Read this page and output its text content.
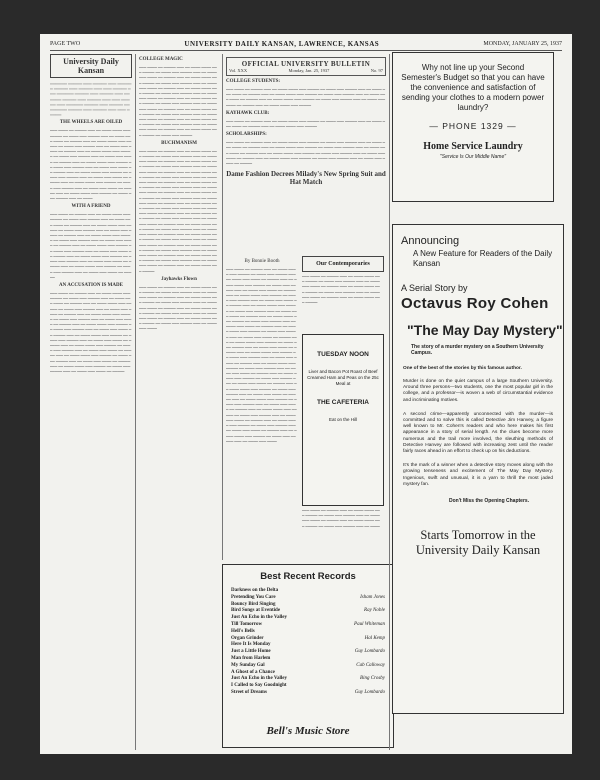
PAGE TWO	UNIVERSITY DAILY KANSAN, LAWRENCE, KANSAS	MONDAY, JANUARY 25, 1937
University Daily Kansan
══════ ═════ ═══ ═════ ═══ ══════ ═════ ═══ ═════ ═══ ═══ ═════ ═══ ══════ ═════ ═══ ═════ ═══ ══════ ═════ ═══ ═════ ═══ ═══ ═════ ═══ ══════ ═════ ═══ ═════ ══ ══════ ═════ ═══ ═════ ═══ ═══ ═════
THE WHEELS ARE OILED
━━━ ━━━━ ━━ ━━━━━ ━━━ ━━ ━━━━ ━━━━ ━━━ ━━━━━ ━━ ━━━━ ━━━ ━━━━━ ━━━ ━━ ━━━━ ━━━ ━━━━ ━━ ━━━━━ ━━━ ━━ ━━━━ ━━━━ ━━━ ━━━━━ ━━ ━━━━ ━━━ ━━━━━ ━━━ ━━ ━━━━ ━━━ ━━━━ ━━ ━━━━━ ━━━ ━━ ━━━━ ━━━━ ━━━ ━━━━━ ━━ ━━━━ ━━━ ━━━━━ ━━━ ━━ ━━━━ ━━━ ━━━━ ━━ ━━━━━ ━━━ ━━ ━━━━ ━━━━ ━━━ ━━━━━ ━━ ━━━━ ━━━ ━━━━━ ━━━ ━━ ━━━━ ━━━ ━━━━ ━━ ━━━━━ ━━━ ━━ ━━━━ ━━━━ ━━━ ━━━━━ ━━ ━━━━ ━━━ ━━━━━ ━━━ ━━ ━━━━ ━━━ ━━━━ ━━ ━━━━━ ━━━ ━━ ━━━━ ━━━━ ━━━ ━━━━━ ━━ ━━━━ ━━━ ━━━━━ ━━━ ━━ ━━━━ ━━━ ━━━━ ━━ ━━━━━ ━━━ ━━ ━━━━ ━━━━ ━━━ ━━━━━ ━━ ━━━━ ━━━ ━━━━━ ━━━ ━━ ━━━━
WITH A FRIEND
━━━ ━━━━ ━━ ━━━━━ ━━━ ━━ ━━━━ ━━━━ ━━━ ━━━━━ ━━ ━━━━ ━━━ ━━━━━ ━━━ ━━ ━━━━ ━━━ ━━━━ ━━ ━━━━━ ━━━ ━━ ━━━━ ━━━━ ━━━ ━━━━━ ━━ ━━━━ ━━━ ━━━━━ ━━━ ━━ ━━━━ ━━━ ━━━━ ━━ ━━━━━ ━━━ ━━ ━━━━ ━━━━ ━━━ ━━━━━ ━━ ━━━━ ━━━ ━━━━━ ━━━ ━━ ━━━━ ━━━ ━━━━ ━━ ━━━━━ ━━━ ━━ ━━━━ ━━━━ ━━━ ━━━━━ ━━ ━━━━ ━━━ ━━━━━ ━━━ ━━ ━━━━ ━━━ ━━━━ ━━ ━━━━━ ━━━ ━━ ━━━━ ━━━━ ━━━ ━━━━━ ━━ ━━━━ ━━━ ━━━━━ ━━━ ━━ ━━━━ ━━━ ━━━━ ━━ ━━━━━ ━━━ ━━ ━━━━ ━━━━ ━━━ ━━━━━ ━━ ━━━━ ━━━ ━━━━━ ━━━ ━━ ━━━━ ━━━ ━━━━ ━━ ━━━━━
AN ACCUSATION IS MADE
━━━ ━━━━ ━━ ━━━━━ ━━━ ━━ ━━━━ ━━━━ ━━━ ━━━━━ ━━ ━━━━ ━━━ ━━━━━ ━━━ ━━ ━━━━ ━━━ ━━━━ ━━ ━━━━━ ━━━ ━━ ━━━━ ━━━━ ━━━ ━━━━━ ━━ ━━━━ ━━━ ━━━━━ ━━━ ━━ ━━━━ ━━━ ━━━━ ━━ ━━━━━ ━━━ ━━ ━━━━ ━━━━ ━━━ ━━━━━ ━━ ━━━━ ━━━ ━━━━━ ━━━ ━━ ━━━━ ━━━ ━━━━ ━━ ━━━━━ ━━━ ━━ ━━━━ ━━━━ ━━━ ━━━━━ ━━ ━━━━ ━━━ ━━━━━ ━━━ ━━ ━━━━ ━━━ ━━━━ ━━ ━━━━━ ━━━ ━━ ━━━━ ━━━━ ━━━ ━━━━━ ━━ ━━━━ ━━━ ━━━━━ ━━━ ━━ ━━━━ ━━━ ━━━━ ━━ ━━━━━ ━━━ ━━ ━━━━ ━━━━ ━━━ ━━━━━ ━━ ━━━━ ━━━ ━━━━━ ━━━ ━━ ━━━━ ━━━ ━━━━ ━━ ━━━━━ ━━━ ━━ ━━━━ ━━━━ ━━━ ━━━━━ ━━ ━━━━ ━━━ ━━━━━ ━━━ ━━ ━━━━ ━━━ ━━━━ ━━ ━━━━━ ━━━ ━━ ━━━━ ━━━━ ━━━ ━━━━━ ━━ ━━━━ ━━━ ━━━━━ ━━━ ━━ ━━━━ ━━━ ━━━━ ━━ ━━━━━
COLLEGE MAGIC
━━━ ━━━━ ━━ ━━━━━ ━━━ ━━ ━━━━ ━━━━ ━━━ ━━━━━ ━━ ━━━━ ━━━ ━━━━━ ━━━ ━━ ━━━━ ━━━ ━━━━ ━━ ━━━━━ ━━━ ━━ ━━━━ ━━━━ ━━━ ━━━━━ ━━ ━━━━ ━━━ ━━━━━ ━━━ ━━ ━━━━ ━━━ ━━━━ ━━ ━━━━━ ━━━ ━━ ━━━━ ━━━━ ━━━ ━━━━━ ━━ ━━━━ ━━━ ━━━━━ ━━━ ━━ ━━━━ ━━━ ━━━━ ━━ ━━━━━ ━━━ ━━ ━━━━ ━━━━ ━━━ ━━━━━ ━━ ━━━━ ━━━ ━━━━━ ━━━ ━━ ━━━━ ━━━ ━━━━ ━━ ━━━━━ ━━━ ━━ ━━━━ ━━━━ ━━━ ━━━━━ ━━ ━━━━ ━━━ ━━━━━ ━━━ ━━ ━━━━ ━━━ ━━━━ ━━ ━━━━━ ━━━ ━━ ━━━━ ━━━━ ━━━ ━━━━━ ━━ ━━━━ ━━━ ━━━━━ ━━━ ━━ ━━━━ ━━━ ━━━━ ━━ ━━━━━ ━━━ ━━ ━━━━ ━━━━ ━━━ ━━━━━ ━━ ━━━━ ━━━ ━━━━━
BUCHMANISM
━━━ ━━━━ ━━ ━━━━━ ━━━ ━━ ━━━━ ━━━━ ━━━ ━━━━━ ━━ ━━━━ ━━━ ━━━━━ ━━━ ━━ ━━━━ ━━━ ━━━━ ━━ ━━━━━ ━━━ ━━ ━━━━ ━━━━ ━━━ ━━━━━ ━━ ━━━━ ━━━ ━━━━━ ━━━ ━━ ━━━━ ━━━ ━━━━ ━━ ━━━━━ ━━━ ━━ ━━━━ ━━━━ ━━━ ━━━━━ ━━ ━━━━ ━━━ ━━━━━ ━━━ ━━ ━━━━ ━━━ ━━━━ ━━ ━━━━━ ━━━ ━━ ━━━━ ━━━━ ━━━ ━━━━━ ━━ ━━━━ ━━━ ━━━━━ ━━━ ━━ ━━━━ ━━━ ━━━━ ━━ ━━━━━ ━━━ ━━ ━━━━ ━━━━ ━━━ ━━━━━ ━━ ━━━━ ━━━ ━━━━━ ━━━ ━━ ━━━━ ━━━ ━━━━ ━━ ━━━━━ ━━━ ━━ ━━━━ ━━━━ ━━━ ━━━━━ ━━ ━━━━ ━━━ ━━━━━ ━━━ ━━ ━━━━ ━━━ ━━━━ ━━ ━━━━━ ━━━ ━━ ━━━━ ━━━━ ━━━ ━━━━━ ━━ ━━━━ ━━━ ━━━━━ ━━━ ━━ ━━━━ ━━━ ━━━━ ━━ ━━━━━ ━━━ ━━ ━━━━ ━━━━ ━━━ ━━━━━ ━━ ━━━━ ━━━ ━━━━━ ━━━ ━━ ━━━━ ━━━ ━━━━ ━━ ━━━━━ ━━━ ━━ ━━━━ ━━━━ ━━━ ━━━━━ ━━ ━━━━ ━━━ ━━━━━ ━━━ ━━ ━━━━ ━━━ ━━━━ ━━ ━━━━━ ━━━ ━━ ━━━━ ━━━━ ━━━ ━━━━━ ━━ ━━━━ ━━━ ━━━━━ ━━━ ━━ ━━━━ ━━━ ━━━━ ━━ ━━━━━ ━━━ ━━ ━━━━ ━━━━ ━━━ ━━━━━ ━━ ━━━━ ━━━ ━━━━━ ━━━ ━━ ━━━━ ━━━ ━━━━ ━━ ━━━━━ ━━━ ━━ ━━━━ ━━━━ ━━━ ━━━━━
Jayhawks Flown
━━━ ━━━━ ━━ ━━━━━ ━━━ ━━ ━━━━ ━━━━ ━━━ ━━━━━ ━━ ━━━━ ━━━ ━━━━━ ━━━ ━━ ━━━━ ━━━ ━━━━ ━━ ━━━━━ ━━━ ━━ ━━━━ ━━━━ ━━━ ━━━━━ ━━ ━━━━ ━━━ ━━━━━ ━━━ ━━ ━━━━ ━━━ ━━━━ ━━ ━━━━━ ━━━ ━━ ━━━━ ━━━━ ━━━ ━━━━━ ━━ ━━━━ ━━━ ━━━━━ ━━━ ━━ ━━━━ ━━━ ━━━━ ━━ ━━━━━ ━━━ ━━ ━━━━ ━━━━ ━━━ ━━━━━ ━━ ━━━━ ━━━ ━━━━━ ━━━ ━━ ━━━━ ━━━ ━━━━
OFFICIAL UNIVERSITY BULLETIN
Vol. XXX	Monday, Jan. 25, 1937	No. 97
COLLEGE STUDENTS:
━━━ ━━━━ ━━ ━━━━━ ━━━ ━━ ━━━━ ━━━━ ━━━ ━━━━━ ━━ ━━━━ ━━━ ━━━━━ ━━━ ━━ ━━━━ ━━━ ━━━━ ━━ ━━━━━ ━━━ ━━ ━━━━ ━━━━ ━━━ ━━━━━ ━━ ━━━━ ━━━ ━━━━━ ━━━ ━━ ━━━━ ━━━ ━━━━ ━━ ━━━━━ ━━━ ━━ ━━━━ ━━━━ ━━━ ━━━━━ ━━ ━━━━ ━━━ ━━━━━ ━━━ ━━ ━━━━ ━━━ ━━━━ ━━ ━━━━━ ━━━ ━━ ━━━━ ━━━━ ━━━ ━━━━━
KAYHAWK CLUB:
━━━ ━━━━ ━━ ━━━━━ ━━━ ━━ ━━━━ ━━━━ ━━━ ━━━━━ ━━ ━━━━ ━━━ ━━━━━ ━━━ ━━ ━━━━ ━━━ ━━━━ ━━ ━━━━━ ━━━ ━━ ━━━━ ━━━━ ━━━ ━━━━━
SCHOLARSHIPS:
━━━ ━━━━ ━━ ━━━━━ ━━━ ━━ ━━━━ ━━━━ ━━━ ━━━━━ ━━ ━━━━ ━━━ ━━━━━ ━━━ ━━ ━━━━ ━━━ ━━━━ ━━ ━━━━━ ━━━ ━━ ━━━━ ━━━━ ━━━ ━━━━━ ━━ ━━━━ ━━━ ━━━━━ ━━━ ━━ ━━━━ ━━━ ━━━━ ━━ ━━━━━ ━━━ ━━ ━━━━ ━━━━ ━━━ ━━━━━ ━━ ━━━━ ━━━ ━━━━━ ━━━ ━━ ━━━━ ━━━ ━━━━ ━━ ━━━━━ ━━━ ━━ ━━━━ ━━━━ ━━━ ━━━━━ ━━ ━━━━ ━━━ ━━━━━ ━━━ ━━ ━━━━ ━━━ ━━━━ ━━ ━━━━━
Dame Fashion Decrees Milady's New Spring Suit and Hat Match
By Bonnie Booth
━━━ ━━━━ ━━ ━━━━━ ━━━ ━━ ━━━━ ━━━━ ━━━ ━━━━━ ━━ ━━━━ ━━━ ━━━━━ ━━━ ━━ ━━━━ ━━━ ━━━━ ━━ ━━━━━ ━━━ ━━ ━━━━ ━━━━ ━━━ ━━━━━ ━━ ━━━━ ━━━ ━━━━━ ━━━ ━━ ━━━━ ━━━ ━━━━ ━━ ━━━━━ ━━━ ━━ ━━━━ ━━━━ ━━━ ━━━━━ ━━ ━━━━ ━━━ ━━━━━ ━━━ ━━ ━━━━ ━━━ ━━━━ ━━ ━━━━━ ━━━ ━━ ━━━━ ━━━━ ━━━ ━━━━━ ━━ ━━━━ ━━━ ━━━━━ ━━━ ━━ ━━━━ ━━━ ━━━━ ━━ ━━━━━ ━━━ ━━ ━━━━ ━━━━ ━━━ ━━━━━ ━━ ━━━━ ━━━ ━━━━━ ━━━ ━━ ━━━━ ━━━ ━━━━ ━━ ━━━━━ ━━━ ━━ ━━━━ ━━━━ ━━━ ━━━━━ ━━ ━━━━ ━━━ ━━━━━ ━━━ ━━ ━━━━ ━━━ ━━━━ ━━ ━━━━━ ━━━ ━━ ━━━━ ━━━━ ━━━ ━━━━━ ━━ ━━━━ ━━━ ━━━━━ ━━━ ━━ ━━━━ ━━━ ━━━━ ━━ ━━━━━ ━━━ ━━ ━━━━ ━━━━ ━━━ ━━━━━ ━━ ━━━━ ━━━ ━━━━━ ━━━ ━━ ━━━━ ━━━ ━━━━ ━━ ━━━━━ ━━━ ━━ ━━━━ ━━━━ ━━━ ━━━━━ ━━ ━━━━ ━━━ ━━━━━ ━━━ ━━ ━━━━ ━━━ ━━━━ ━━ ━━━━━ ━━━ ━━ ━━━━ ━━━━ ━━━ ━━━━━ ━━ ━━━━ ━━━ ━━━━━ ━━━ ━━ ━━━━ ━━━ ━━━━ ━━ ━━━━━ ━━━ ━━ ━━━━ ━━━━ ━━━ ━━━━━ ━━ ━━━━ ━━━ ━━━━━ ━━━ ━━ ━━━━ ━━━ ━━━━ ━━ ━━━━━ ━━━ ━━ ━━━━ ━━━━ ━━━ ━━━━━ ━━ ━━━━ ━━━ ━━━━━ ━━━ ━━ ━━━━ ━━━ ━━━━ ━━ ━━━━━ ━━━ ━━ ━━━━ ━━━━ ━━━ ━━━━━ ━━ ━━━━ ━━━ ━━━━━ ━━━ ━━ ━━━━ ━━━ ━━━━ ━━ ━━━━━ ━━━ ━━ ━━━━ ━━━━ ━━━ ━━━━━ ━━ ━━━━ ━━━ ━━━━━ ━━━ ━━ ━━━━ ━━━ ━━━━ ━━ ━━━━━ ━━━ ━━ ━━━━ ━━━━ ━━━ ━━━━━ ━━ ━━━━ ━━━ ━━━━━ ━━━ ━━ ━━━━ ━━━ ━━━━
Our Contemporaries
━━━ ━━━━ ━━ ━━━━━ ━━━ ━━ ━━━━ ━━━━ ━━━ ━━━━━ ━━ ━━━━ ━━━ ━━━━━ ━━━ ━━ ━━━━ ━━━ ━━━━ ━━ ━━━━━ ━━━ ━━ ━━━━ ━━━━ ━━━ ━━━━━ ━━ ━━━━ ━━━ ━━━━━ ━━━ ━━ ━━━━ ━━━ ━━━━ ━━ ━━━━━ ━━━ ━━ ━━━━ ━━━━ ━━━ ━━━━━
TUESDAY NOON
Liver and Bacon Pot Roast of Beef Creamed Ham and Peas on the 25c Meal at
THE CAFETERIA
Eat on the Hill
━━━ ━━━━ ━━ ━━━━━ ━━━ ━━ ━━━━ ━━━━ ━━━ ━━━━━ ━━ ━━━━ ━━━ ━━━━━ ━━━ ━━ ━━━━ ━━━ ━━━━ ━━ ━━━━━ ━━━ ━━ ━━━━ ━━━━ ━━━ ━━━━━ ━━ ━━━━ ━━━ ━━━━━ ━━━ ━━ ━━━━
Best Recent Records
Darkness on the Delta
Pretending You Care	Isham Jones
Bouncy Bird Singing
Bird Songs at Eventide	Ray Noble
Just An Echo in the Valley
Till Tomorrow	Paul Whiteman
Hell's Bells
Organ Grinder	Hal Kemp
Here It Is Monday
Just a Little Home	Guy Lombardo
Man from Harlem
My Sunday Gal	Cab Calloway
A Ghost of a Chance
Just An Echo in the Valley	Bing Crosby
I Called to Say Goodnight
Street of Dreams	Guy Lombardo
Bell's Music Store
Why not line up your Second Semester's Budget so that you can have the convenience and satisfaction of sending your clothes to a modern power laundry?
— PHONE 1329 —
Home Service Laundry
"Service Is Our Middle Name"
Announcing
A New Feature for Readers of the Daily Kansan
A Serial Story by
Octavus Roy Cohen
"The May Day Mystery"
The story of a murder mystery on a Southern University Campus.
One of the best of the stories by this famous author.
Murder is done on the quiet campus of a large Southern University. Around three persons—two students, one the most popular girl in the college, and a professor—is woven a web of circumstantial evidence and incriminating motives.
A second crime—apparently unconnected with the murder—is committed and to solve this is called Detective Jim Hanvey, a figure well known to Mr. Cohen's readers and who here makes his first appearance in a story of serial length. As the clues become more numerous and the trail more involved, the sleuthing methods of Detective Hanvey are followed with increasing zest until the reader fairly races ahead in an effort to check up on his deductions.
It's the mark of a winner when a detective story moves along with the growing tenseness and excitement of The May Day Mystery. Ingenious, swift and unusual, it is a yarn to thrill the most jaded mystery fan.
Don't Miss the Opening Chapters.
Starts Tomorrow in the University Daily Kansan
